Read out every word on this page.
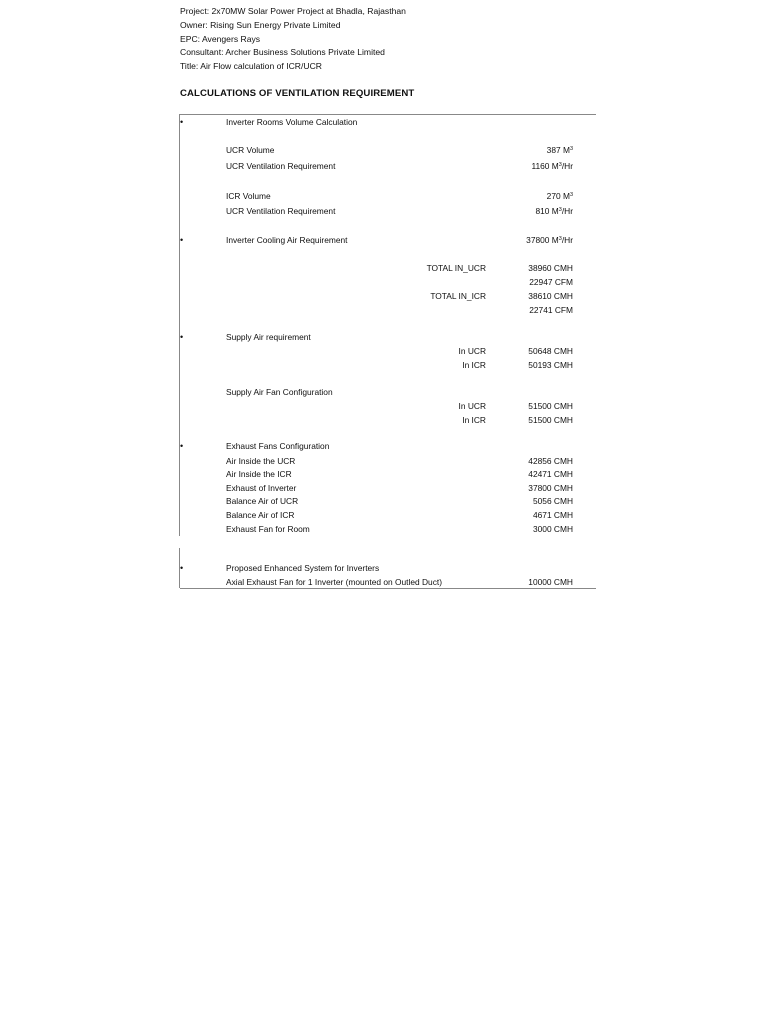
Project: 2x70MW Solar Power Project at Bhadla, Rajasthan
Owner: Rising Sun Energy Private Limited
EPC: Avengers Rays
Consultant: Archer Business Solutions Private Limited
Title: Air Flow calculation of ICR/UCR
CALCULATIONS OF VENTILATION REQUIREMENT
•	Inverter Rooms Volume Calculation
UCR Volume	387 $M^3$
UCR Ventilation Requirement	1160 $M^3/Hr$
ICR Volume	270 $M^3$
UCR Ventilation Requirement	810 $M^3/Hr$
•	Inverter Cooling Air Requirement	37800 $M^3/Hr$
TOTAL IN_UCR	38960 CMH
22947 CFM
TOTAL IN_ICR	38610 CMH
22741 CFM
•	Supply Air requirement
In UCR	50648 CMH
In ICR	50193 CMH
Supply Air Fan Configuration
In UCR	51500 CMH
In ICR	51500 CMH
•	Exhaust Fans Configuration
Air Inside the UCR	42856 CMH
Air Inside the ICR	42471 CMH
Exhaust of Inverter	37800 CMH
Balance Air of UCR	5056 CMH
Balance Air of ICR	4671 CMH
Exhaust Fan for Room	3000 CMH
•	Proposed Enhanced System for Inverters
Axial Exhaust Fan for 1 Inverter (mounted on Outled Duct)	10000 CMH
